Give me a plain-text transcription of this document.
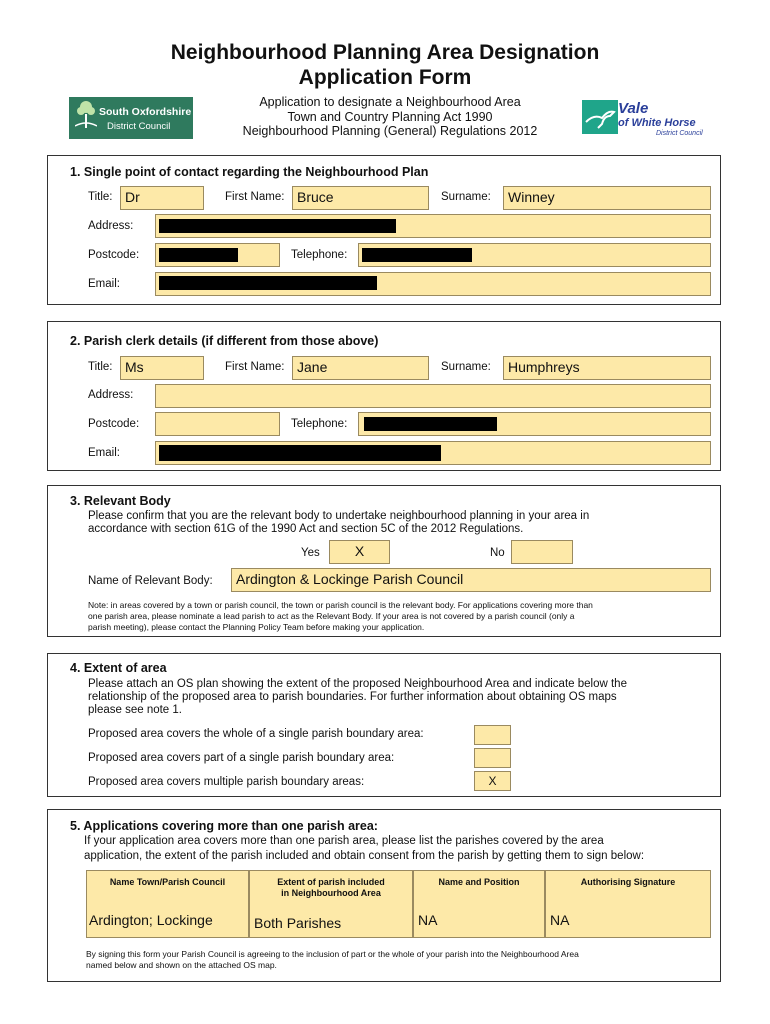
Neighbourhood Planning Area Designation
Application Form
Application to designate a Neighbourhood Area
Town and Country Planning Act 1990
Neighbourhood Planning (General) Regulations 2012
South Oxfordshire
District Council
Vale
of White Horse
District Council
1. Single point of contact regarding the Neighbourhood Plan
Title: Dr	First Name: Bruce	Surname:	Winney
Address:
Postcode:	Telephone:
Email:
2. Parish clerk details (if different from those above)
Title: Ms	First Name: Jane	Surname:	Humphreys
Address:
Postcode:	Telephone:
Email:
3. Relevant Body
Please confirm that you are the relevant body to undertake neighbourhood planning in your area in
accordance with section 61G of the 1990 Act and section 5C of the 2012 Regulations.
Yes	X	No
Name of Relevant Body:	Ardington & Lockinge Parish Council
Note: in areas covered by a town or parish council, the town or parish council is the relevant body. For applications covering more than
one parish area, please nominate a lead parish to act as the Relevant Body. If your area is not covered by a parish council (only a
parish meeting), please contact the Planning Policy Team before making your application.
4. Extent of area
Please attach an OS plan showing the extent of the proposed Neighbourhood Area and indicate below the
relationship of the proposed area to parish boundaries. For further information about obtaining OS maps
please see note 1.
Proposed area covers the whole of a single parish boundary area:
Proposed area covers part of a single parish boundary area:
Proposed area covers multiple parish boundary areas:	X
5. Applications covering more than one parish area:
If your application area covers more than one parish area, please list the parishes covered by the area
application, the extent of the parish included and obtain consent from the parish by getting them to sign below:
Name Town/Parish Council
Ardington; Lockinge
Extent of parish included
in Neighbourhood Area
Both Parishes
Name and Position
NA
Authorising Signature
NA
By signing this form your Parish Council is agreeing to the inclusion of part or the whole of your parish into the Neighbourhood Area
named below and shown on the attached OS map.
